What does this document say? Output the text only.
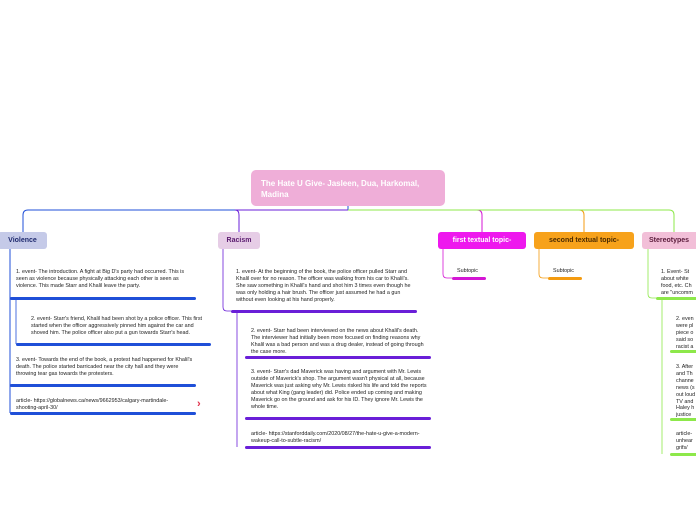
The Hate U Give- Jasleen, Dua, Harkomal, Madina
Violence	Racism	first textual topic-	second textual topic-	Stereotypes
1. event- The introduction. A fight at Big D's party had occurred. This is seen as violence because physically attacking each other is seen as violence. This made Starr and Khalil leave the party.
2. event- Starr's friend, Khalil had been shot by a police officer. This first started when the officer aggressively pinned him against the car and shoved him. The police officer also put a gun towards Starr's head.
3. event- Towards the end of the book, a protest had happened for Khalil's death. The police started barricaded near the city hall and they were throwing tear gas towards the protesters.
article- https://globalnews.ca/news/9662953/calgary-martindale-shooting-april-30/	›
1. event- At the beginning of the book, the police officer pulled Starr and Khalil over for no reason. The officer was walking from his car to Khalil's. She saw something in Khalil's hand and shot him 3 times even though he was only holding a hair brush. The officer just assumed he had a gun without even looking at his hand properly.
2. event- Starr had been interviewed on the news about Khalil's death. The interviewer had initially been more focused on finding reasons why Khalil was a bad person and was a drug dealer, instead of going through the case more.
3. event- Starr's dad Maverick was having and argument with Mr. Lewis outside of Maverick's shop. The argument wasn't physical at all, because Maverick was just asking why Mr. Lewis risked his life and told the reports about what King (gang leader) did. Police ended up coming and making Maverick go on the ground and ask for his ID. They ignore Mr. Lewis the whole time.
article- https://stanforddaily.com/2020/08/27/the-hate-u-give-a-modern-wakeup-call-to-subtle-racism/
Subtopic	Subtopic	1. Event- St about white food, etc. Ch are "uncomm
2. even were pl piece o said so racist a
3. After and Th channe news (s out loud TV and Haley h justice
article- unhear grifs/
